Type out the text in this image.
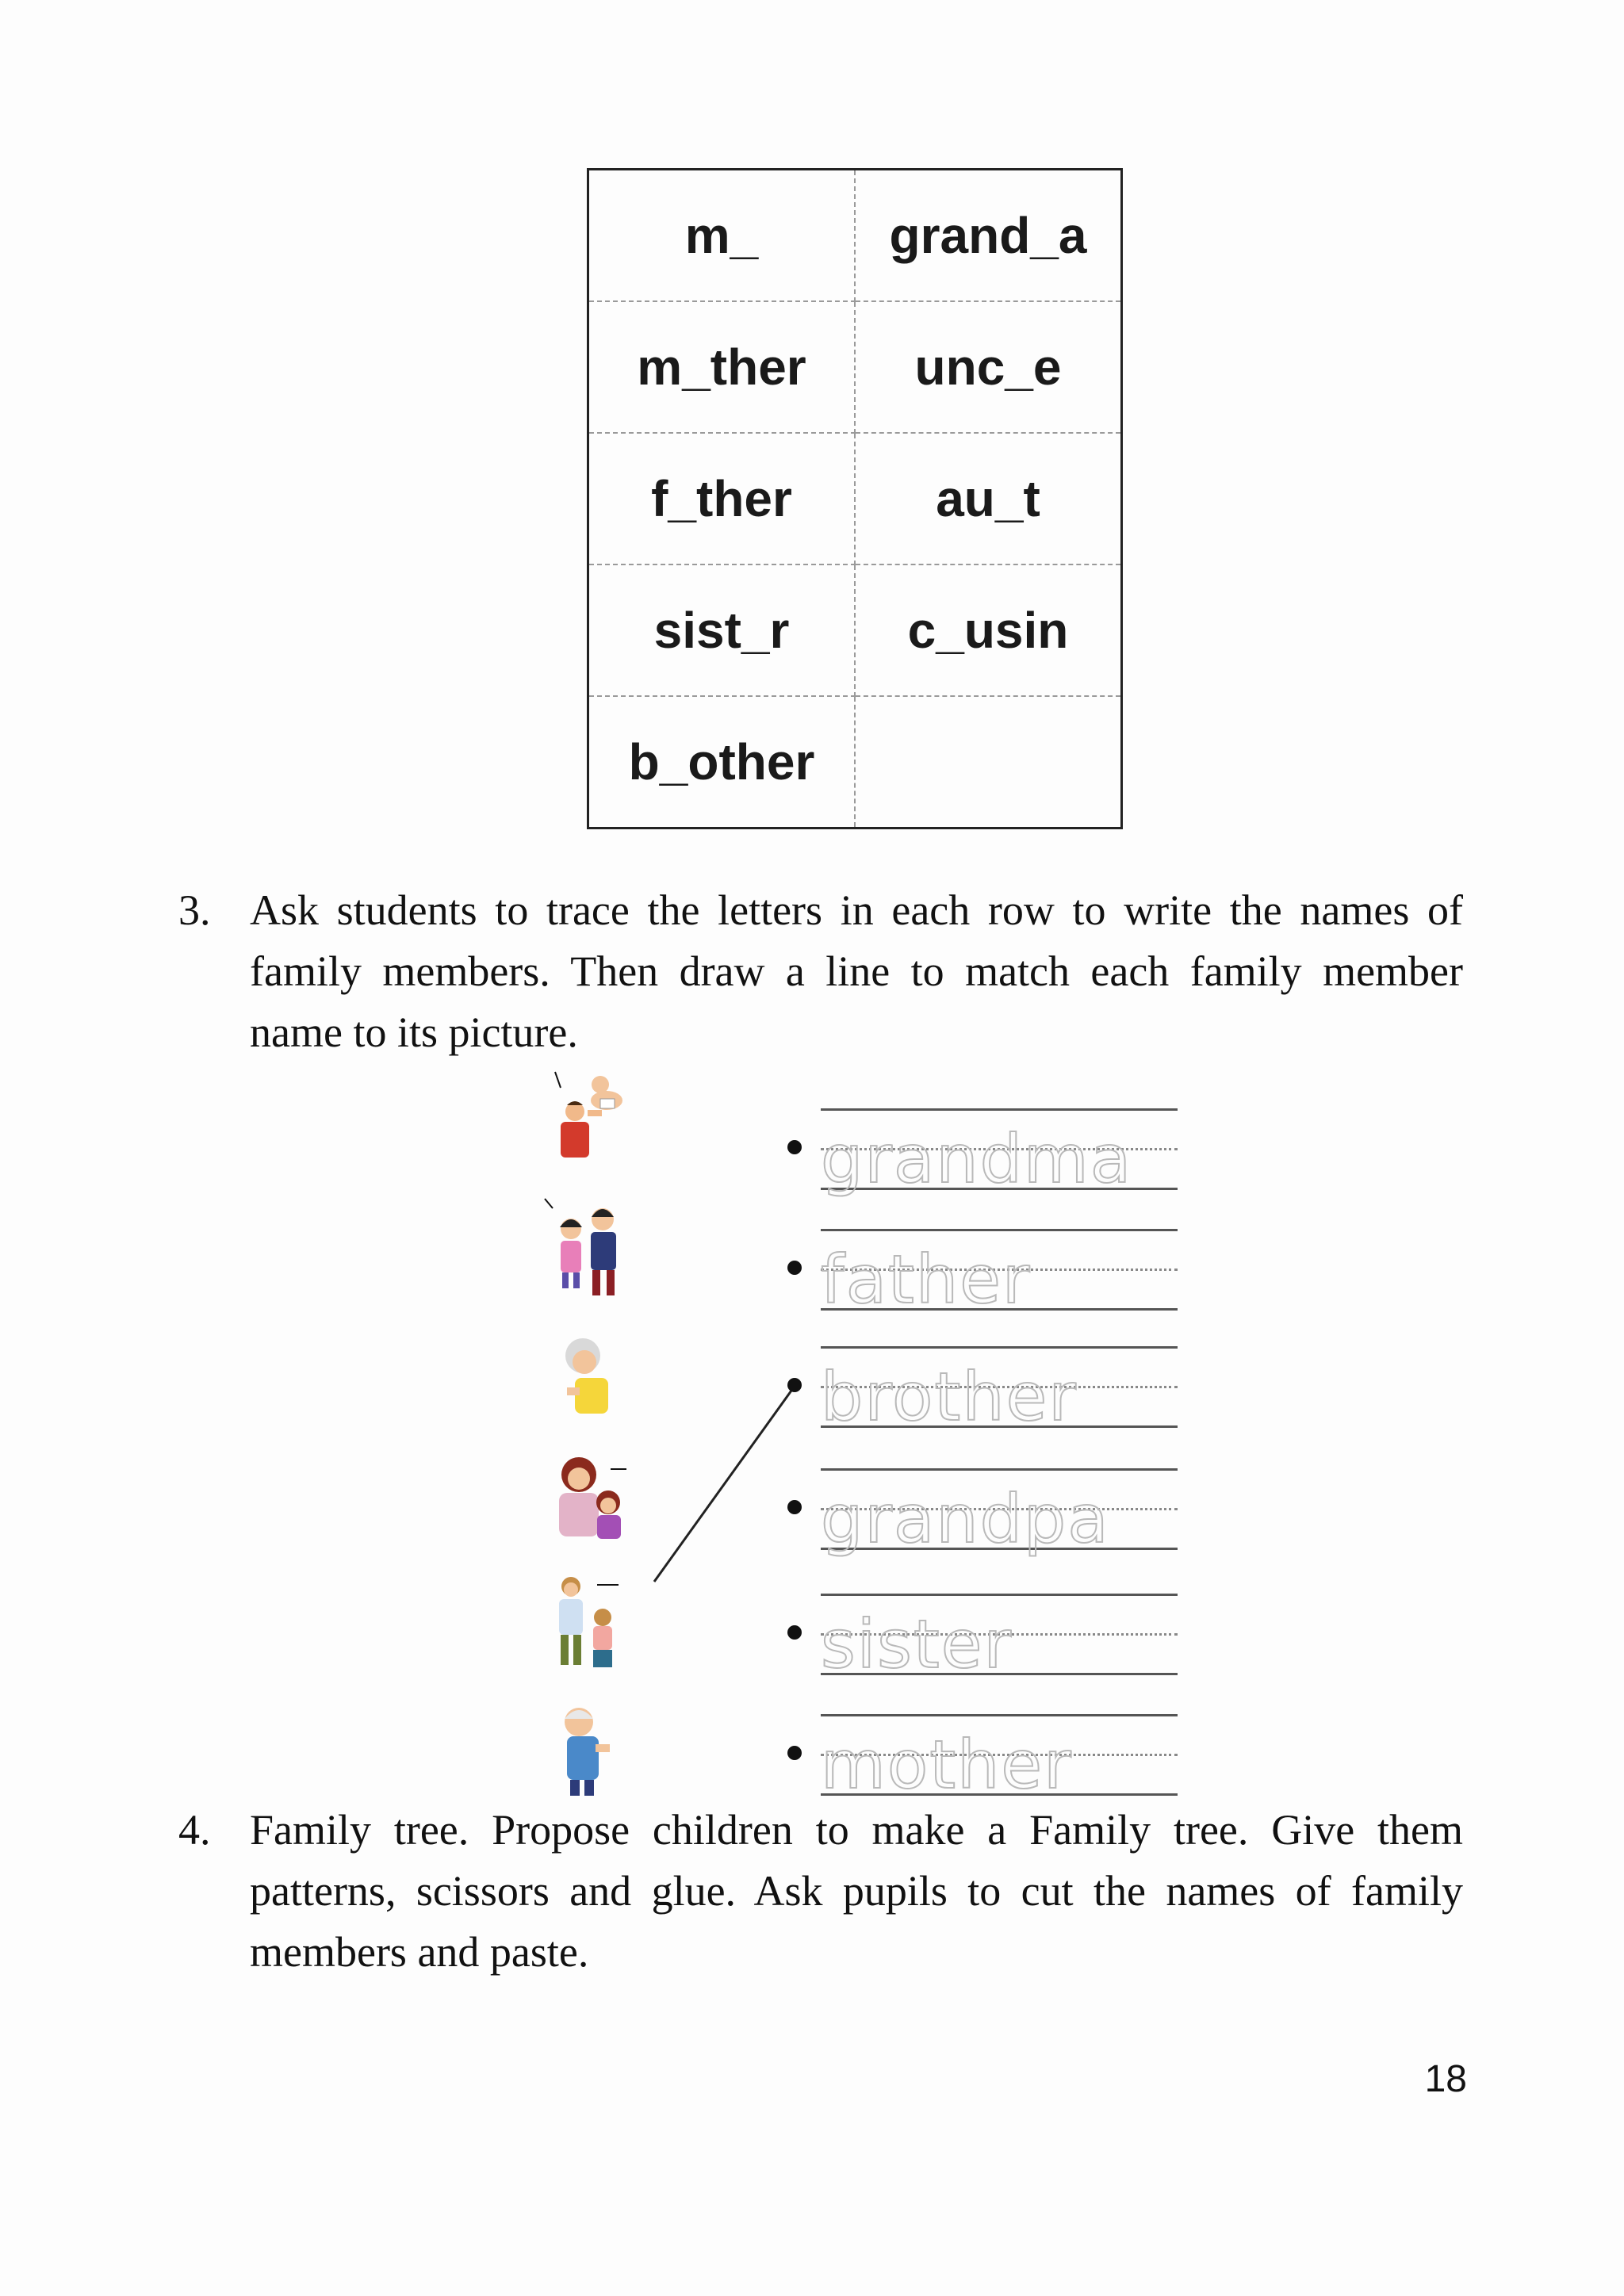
m_	grand_a
m_ther	unc_e
f_ther	au_t
sist_r	c_usin
b_other	
3. Ask students to trace the letters in each row to write the names of family members. Then draw a line to match each family member name to its picture.
grandma
father
brother
grandpa
sister
mother
4. Family tree. Propose children to make a Family tree. Give them patterns, scissors and glue. Ask pupils to cut the names of family members and paste.
18
